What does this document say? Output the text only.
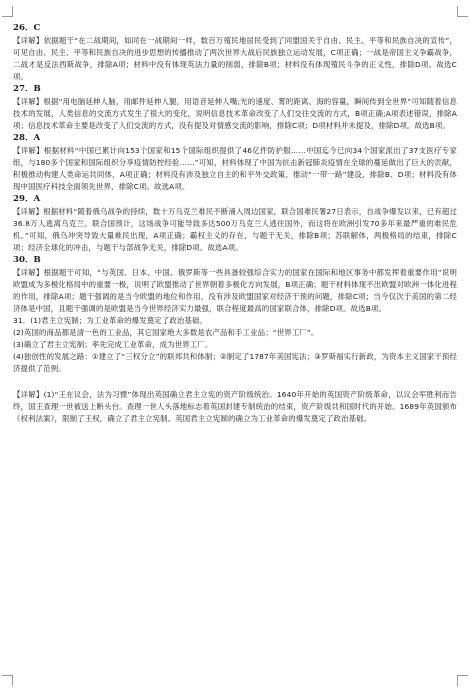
26．C

【详解】依据题干“在二战期间，如同在一战期间一样，数百万殖民地居民受到了同盟国关于自由、民主、平等和民族自决的宣传”，可见自由、民主、平等和民族自决的进步思想的传播推动了两次世界大战后民族独立运动发展，C项正确；一战是帝国主义争霸战争，二战才是反法西斯战争，排除A项；材料中没有体现英法力量的削弱，排除B项；材料没有体现殖民斗争的正义性，排除D项。故选C项。

27．B

【详解】根据“用电脑延伸人脑，用邮件延伸人腿，用语音延伸人嘴;光的速度、雾的距离、海的容量，瞬间传到全世界”可知随着信息技术的发展，人类信息的交流方式发生了很大的变化，说明信息技术革命改变了人们交往交流的方式，B项正确;A项表述错误，排除A项；信息技术革命主要是改变了人们交流的方式，没有提及对情感交流的影响，排除C项；D项材料并未提及，排除D项。故选B项。

28．A

【详解】根据材料“中国已累计向153个国家和15个国际组织提供了46亿件防护服……中国迄今已向34个国家派出了37支医疗专家组，与180多个国家和国际组织分享疫情防控经验……”可知，材料体现了中国为抗击新冠肺炎疫情在全球的蔓延做出了巨大的贡献，积极推动构建人类命运共同体，A项正确；材料没有涉及独立自主的和平外交政策、推动“一带一路”建设，排除B、D项；材料没有体现中国医疗科技全面领先世界，排除C项。故选A项。

29．A

【详解】根据材料“随着俄乌战争的持续，数十万乌克兰难民不断涌入周边国家，联合国难民署27日表示，自战争爆发以来，已有超过36.8万人逃离乌克兰。联合国预计，这场战争可能导致多达500万乌克兰人逃往国外，而这将在欧洲引发70多年来最严重的难民危机。”可知，俄乌冲突导致大量难民出现，A项正确；霸权主义的存在，与题干无关，排除B项；苏联解体，两极格局的结束，排除C项；经济全球化的冲击，与题干与部战争无关，排除D项。故选A项。

30．B

【详解】根据题干可知，“与英国、日本、中国、俄罗斯等一些具备较强综合实力的国家在国际和地区事务中都发挥着重要作用”说明欧盟成为多极化格局中的重要一极，说明了欧盟推动了世界朝着多极化方向发展，B项正确；题干材料体现不出欧盟对欧洲一体化进程的作用，排除A项；题干强调的是当今欧盟的地位和作用，没有涉及欧盟国家对经济干预的问题，排除C项；当今仅次于美国的第二经济体是中国，且题干强调的是欧盟是当今世界经济实力最强，联合程度最高的国家联合体，排除D项。故选B项。

31．(1)君主立宪制；为工业革命的爆发奠定了政治基础。

(2)英国的商品都是清一色的工业品，其它国家绝大多数是农产品和手工业品；“世界工厂”。

(3)确立了君主立宪制；率先完成工业革命，成为世界工厂。

(4)独创性的发展之路：①建立了“三权分立”的联邦共和体制；②制定了1787年美国宪法；③罗斯福实行新政，为资本主义国家干预经济提供了范例。

【详解】(1)“王在议会，法为习惯”体现出英国确立君主立宪的资产阶级统治。1640年开始的英国资产阶级革命，以议会军胜利而告终，国王查理一世被送上断头台。查理一世人头落地标志着英国封建专制统治的结束，资产阶级共和国时代的开始。1689年英国颁布《权利法案》，限制了王权，确立了君主立宪制。英国君主立宪制的确立为工业革命的爆发奠定了政治基础。
